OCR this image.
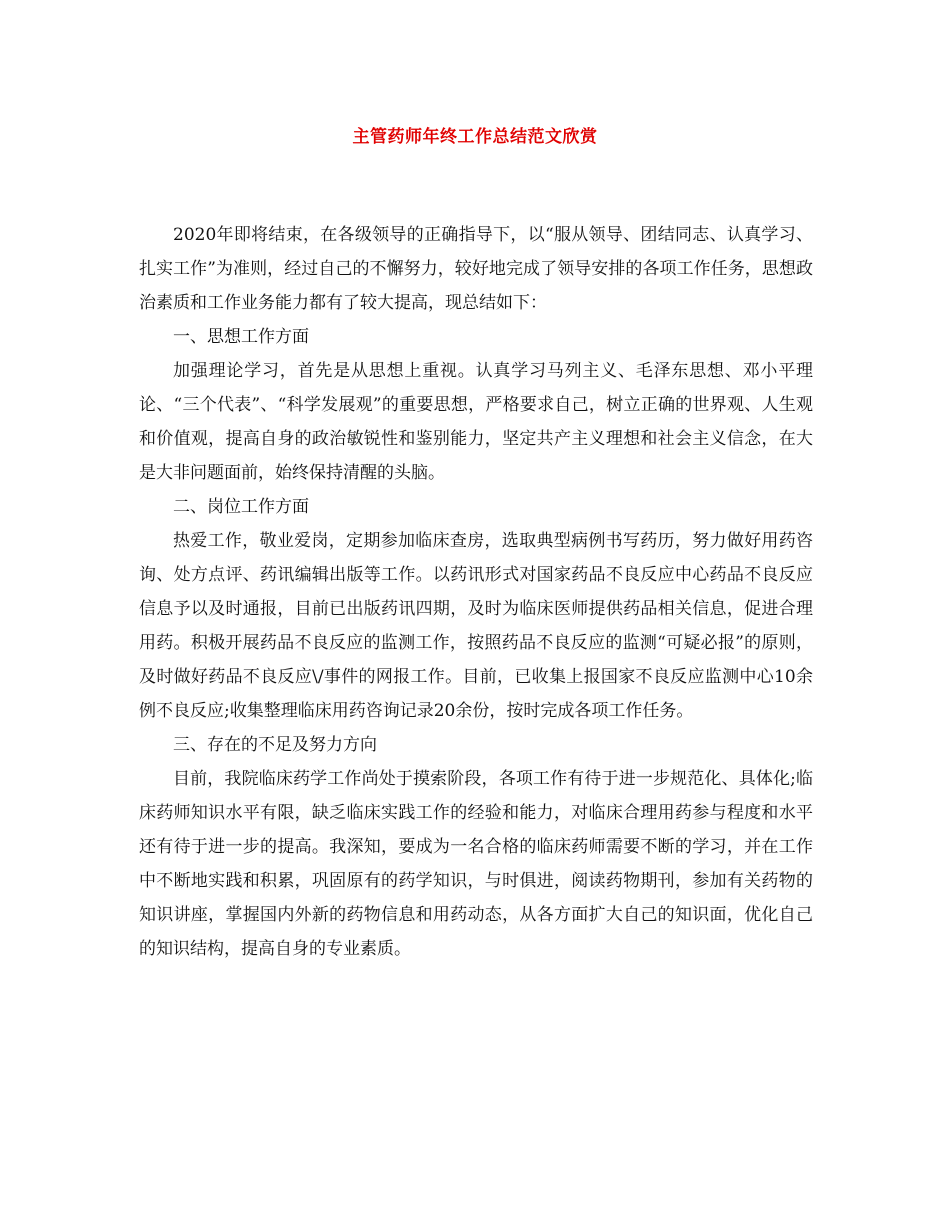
主管药师年终工作总结范文欣赏

2020年即将结束，在各级领导的正确指导下，以“服从领导、团结同志、认真学习、扎实工作”为准则，经过自己的不懈努力，较好地完成了领导安排的各项工作任务，思想政治素质和工作业务能力都有了较大提高，现总结如下：

一、思想工作方面

加强理论学习，首先是从思想上重视。认真学习马列主义、毛泽东思想、邓小平理论、“三个代表”、“科学发展观”的重要思想，严格要求自己，树立正确的世界观、人生观和价值观，提高自身的政治敏锐性和鉴别能力，坚定共产主义理想和社会主义信念，在大是大非问题面前，始终保持清醒的头脑。

二、岗位工作方面

热爱工作，敬业爱岗，定期参加临床查房，选取典型病例书写药历，努力做好用药咨询、处方点评、药讯编辑出版等工作。以药讯形式对国家药品不良反应中心药品不良反应信息予以及时通报，目前已出版药讯四期，及时为临床医师提供药品相关信息，促进合理用药。积极开展药品不良反应的监测工作，按照药品不良反应的监测“可疑必报”的原则，及时做好药品不良反应\/事件的网报工作。目前，已收集上报国家不良反应监测中心10余例不良反应;收集整理临床用药咨询记录20余份，按时完成各项工作任务。

三、存在的不足及努力方向

目前，我院临床药学工作尚处于摸索阶段，各项工作有待于进一步规范化、具体化;临床药师知识水平有限，缺乏临床实践工作的经验和能力，对临床合理用药参与程度和水平还有待于进一步的提高。我深知，要成为一名合格的临床药师需要不断的学习，并在工作中不断地实践和积累，巩固原有的药学知识，与时俱进，阅读药物期刊，参加有关药物的知识讲座，掌握国内外新的药物信息和用药动态，从各方面扩大自己的知识面，优化自己的知识结构，提高自身的专业素质。
